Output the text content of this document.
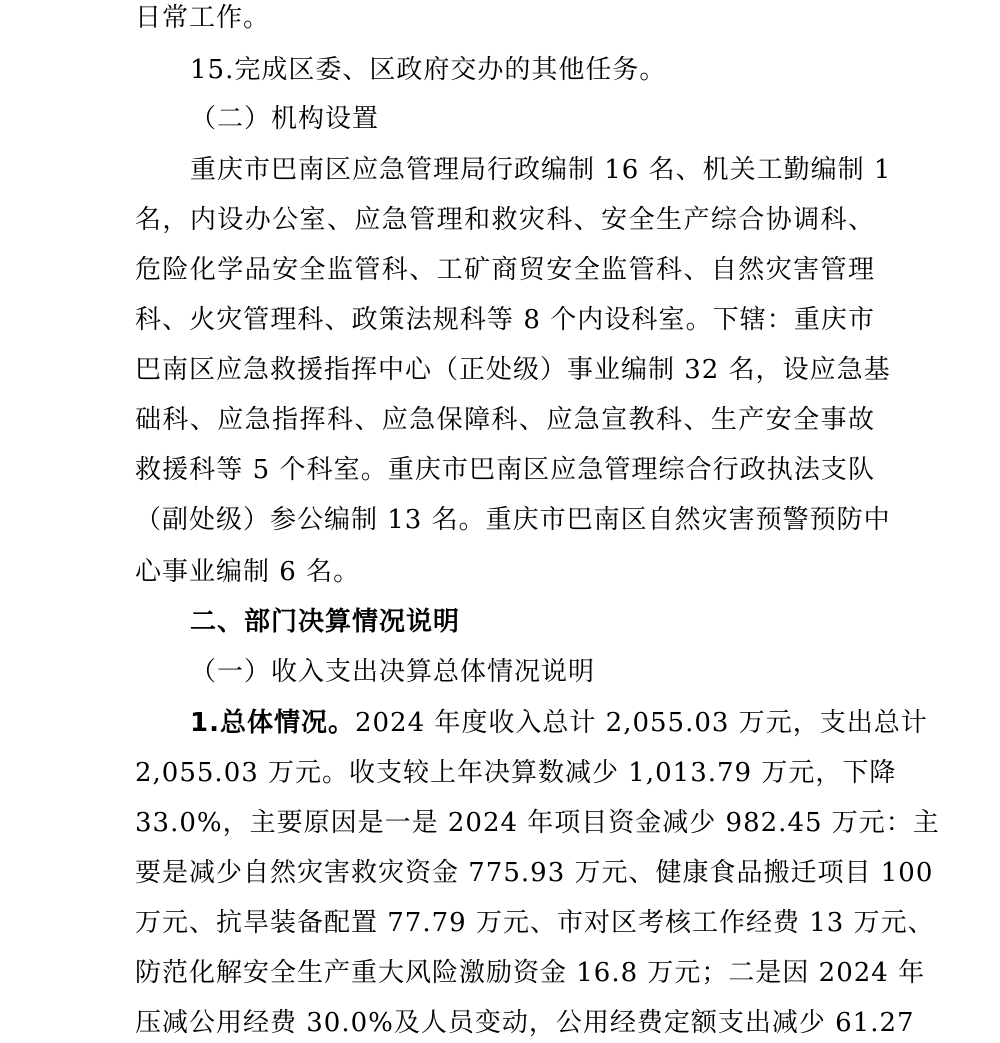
日常工作。
15.完成区委、区政府交办的其他任务。
（二）机构设置
重庆市巴南区应急管理局行政编制 16 名、机关工勤编制 1
名，内设办公室、应急管理和救灾科、安全生产综合协调科、
危险化学品安全监管科、工矿商贸安全监管科、自然灾害管理
科、火灾管理科、政策法规科等 8 个内设科室。下辖：重庆市
巴南区应急救援指挥中心（正处级）事业编制 32 名，设应急基
础科、应急指挥科、应急保障科、应急宣教科、生产安全事故
救援科等 5 个科室。重庆市巴南区应急管理综合行政执法支队
（副处级）参公编制 13 名。重庆市巴南区自然灾害预警预防中
心事业编制 6 名。
二、部门决算情况说明
（一）收入支出决算总体情况说明
1.总体情况。2024 年度收入总计 2,055.03 万元，支出总计
2,055.03 万元。收支较上年决算数减少 1,013.79 万元，下降
33.0%，主要原因是一是 2024 年项目资金减少 982.45 万元：主
要是减少自然灾害救灾资金 775.93 万元、健康食品搬迁项目 100
万元、抗旱装备配置 77.79 万元、市对区考核工作经费 13 万元、
防范化解安全生产重大风险激励资金 16.8 万元；二是因 2024 年
压减公用经费 30.0%及人员变动，公用经费定额支出减少 61.27
